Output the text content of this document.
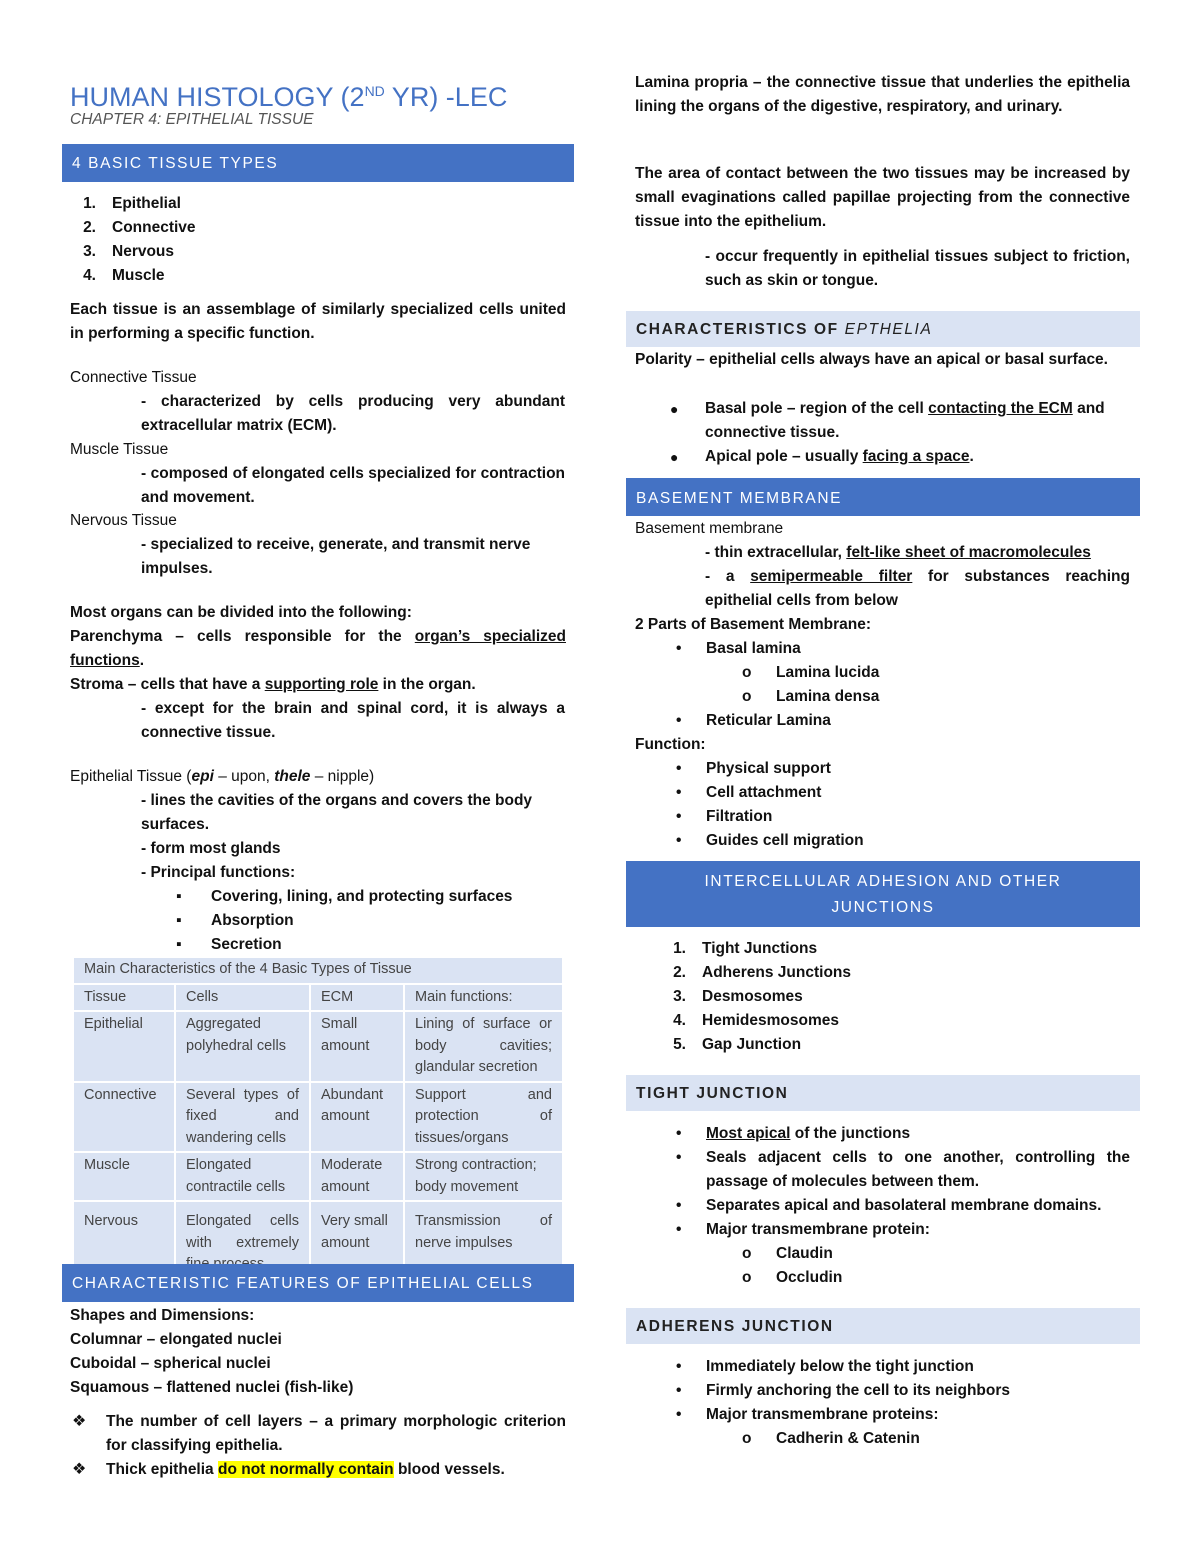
HUMAN HISTOLOGY (2ND YR) -LEC
CHAPTER 4: EPITHELIAL TISSUE
4 BASIC TISSUE TYPES
1. Epithelial
2. Connective
3. Nervous
4. Muscle

Each tissue is an assemblage of similarly specialized cells united in performing a specific function.

Connective Tissue

- characterized by cells producing very abundant extracellular matrix (ECM).

Muscle Tissue

- composed of elongated cells specialized for contraction and movement.

Nervous Tissue

- specialized to receive, generate, and transmit nerve impulses.

Most organs can be divided into the following:

Parenchyma – cells responsible for the organ’s specialized functions.

Stroma – cells that have a supporting role in the organ.

- except for the brain and spinal cord, it is always a connective tissue.

Epithelial Tissue (epi – upon, thele – nipple)

- lines the cavities of the organs and covers the body surfaces.

- form most glands

- Principal functions:

▪ Covering, lining, and protecting surfaces
▪ Absorption
▪ Secretion
Main Characteristics of the 4 Basic Types of Tissue			
Tissue	Cells	ECM	Main functions:
Epithelial	Aggregated polyhedral cells	Small amount	Lining of surface or body cavities; glandular secretion
Connective	Several types of fixed and wandering cells	Abundant amount	Support and protection of tissues/organs
Muscle	Elongated contractile cells	Moderate amount	Strong contraction; body movement
Nervous	Elongated cells with extremely	Very small amount	Transmission of nerve impulses
CHARACTERISTIC FEATURES OF EPITHELIAL CELLS

Shapes and Dimensions:

Columnar – elongated nuclei

Cuboidal – spherical nuclei

Squamous – flattened nuclei (fish-like)

❖ The number of cell layers – a primary morphologic criterion for classifying epithelia.

❖ Thick epithelia do not normally contain blood vessels.

Lamina propria – the connective tissue that underlies the epithelia lining the organs of the digestive, respiratory, and urinary.

The area of contact between the two tissues may be increased by small evaginations called papillae projecting from the connective tissue into the epithelium.

- occur frequently in epithelial tissues subject to friction, such as skin or tongue.

CHARACTERISTICS OF EPTHELIA

Polarity – epithelial cells always have an apical or basal surface.

● Basal pole – region of the cell contacting the ECM and connective tissue.

● Apical pole – usually facing a space.

BASEMENT MEMBRANE

Basement membrane

- thin extracellular, felt-like sheet of macromolecules

- a semipermeable filter for substances reaching epithelial cells from below

2 Parts of Basement Membrane:

• Basal lamina
o Lamina lucida
o Lamina densa
• Reticular Lamina

Function:

• Physical support
• Cell attachment
• Filtration
• Guides cell migration
INTERCELLULAR ADHESION AND OTHER JUNCTIONS
1. Tight Junctions
2. Adherens Junctions
3. Desmosomes
4. Hemidesmosomes
5. Gap Junction
TIGHT JUNCTION
• Most apical of the junctions
• Seals adjacent cells to one another, controlling the passage of molecules between them.
• Separates apical and basolateral membrane domains.
• Major transmembrane protein:
o Claudin
o Occludin
ADHERENS JUNCTION
• Immediately below the tight junction
• Firmly anchoring the cell to its neighbors
• Major transmembrane proteins:
o Cadherin & Catenin
